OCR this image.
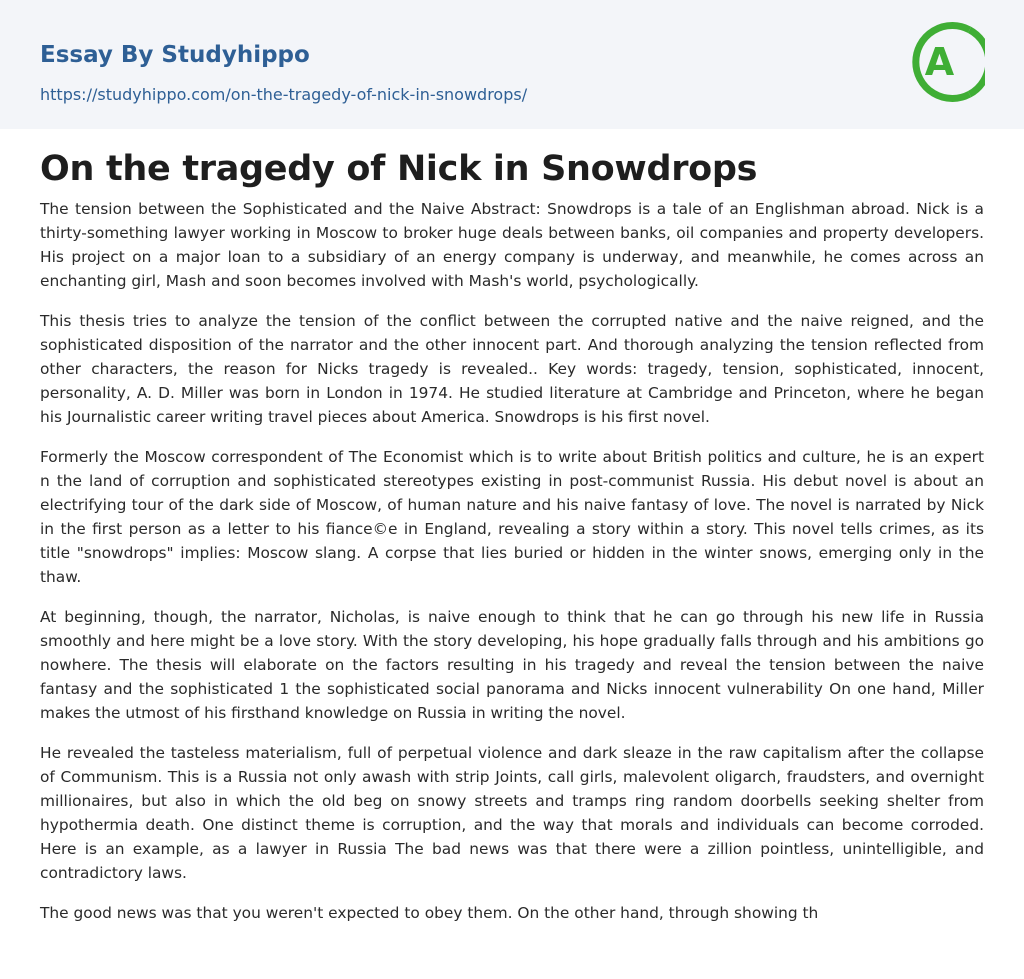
Essay By Studyhippo
https://studyhippo.com/on-the-tragedy-of-nick-in-snowdrops/
A
On the tragedy of Nick in Snowdrops

The tension between the Sophisticated and the Naive Abstract: Snowdrops is a tale of an Englishman abroad. Nick is a thirty-something lawyer working in Moscow to broker huge deals between banks, oil companies and property developers. His project on a major loan to a subsidiary of an energy company is underway, and meanwhile, he comes across an enchanting girl, Mash and soon becomes involved with Mash's world, psychologically.

This thesis tries to analyze the tension of the conflict between the corrupted native and the naive reigned, and the sophisticated disposition of the narrator and the other innocent part. And thorough analyzing the tension reflected from other characters, the reason for Nicks tragedy is revealed.. Key words: tragedy, tension, sophisticated, innocent, personality, A. D. Miller was born in London in 1974. He studied literature at Cambridge and Princeton, where he began his Journalistic career writing travel pieces about America. Snowdrops is his first novel.

Formerly the Moscow correspondent of The Economist which is to write about British politics and culture, he is an expert n the land of corruption and sophisticated stereotypes existing in post-communist Russia. His debut novel is about an electrifying tour of the dark side of Moscow, of human nature and his naive fantasy of love. The novel is narrated by Nick in the first person as a letter to his fiance©e in England, revealing a story within a story. This novel tells crimes, as its title "snowdrops" implies: Moscow slang. A corpse that lies buried or hidden in the winter snows, emerging only in the thaw.

At beginning, though, the narrator, Nicholas, is naive enough to think that he can go through his new life in Russia smoothly and here might be a love story. With the story developing, his hope gradually falls through and his ambitions go nowhere. The thesis will elaborate on the factors resulting in his tragedy and reveal the tension between the naive fantasy and the sophisticated 1 the sophisticated social panorama and Nicks innocent vulnerability On one hand, Miller makes the utmost of his firsthand knowledge on Russia in writing the novel.

He revealed the tasteless materialism, full of perpetual violence and dark sleaze in the raw capitalism after the collapse of Communism. This is a Russia not only awash with strip Joints, call girls, malevolent oligarch, fraudsters, and overnight millionaires, but also in which the old beg on snowy streets and tramps ring random doorbells seeking shelter from hypothermia death. One distinct theme is corruption, and the way that morals and individuals can become corroded. Here is an example, as a lawyer in Russia The bad news was that there were a zillion pointless, unintelligible, and contradictory laws.

The good news was that you weren't expected to obey them. On the other hand, through showing th
